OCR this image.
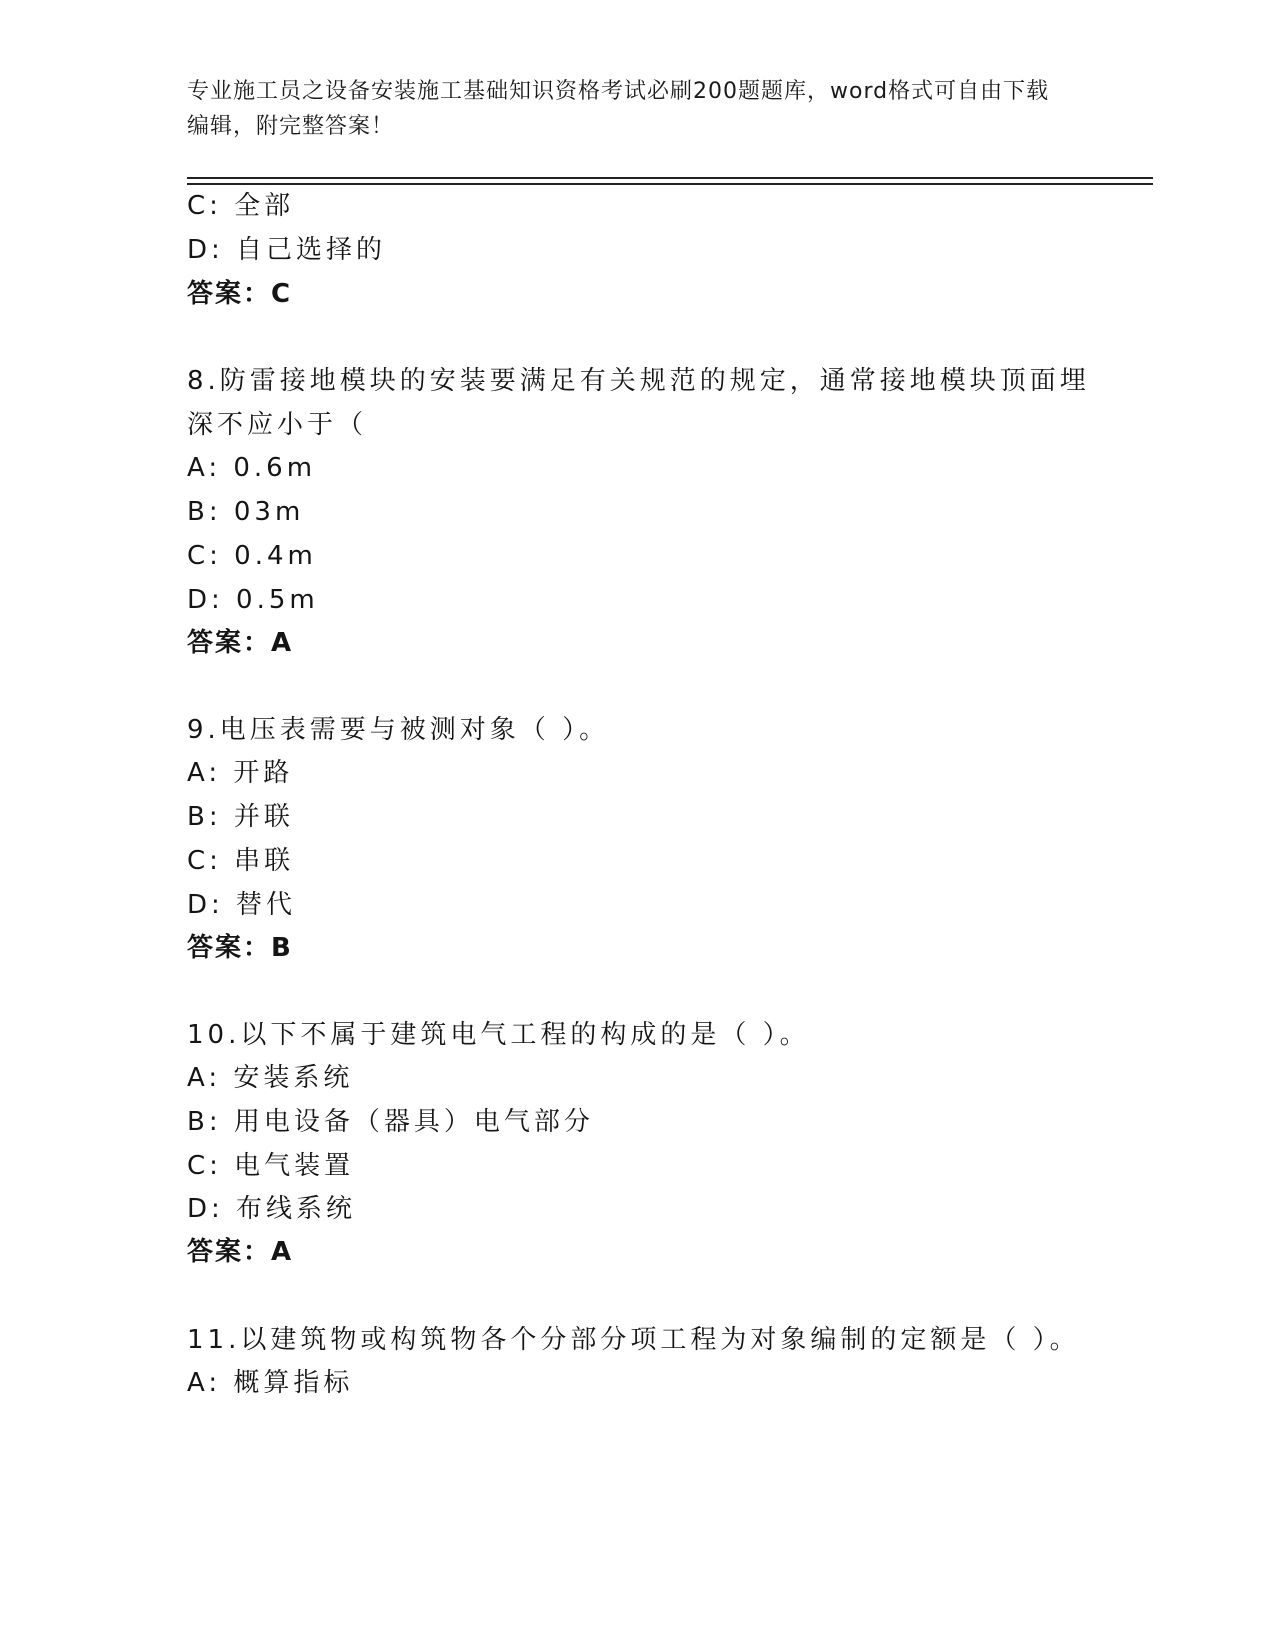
专业施工员之设备安装施工基础知识资格考试必刷200题题库，word格式可自由下载编辑，附完整答案！
C: 全部
D: 自己选择的
答案：C
8.防雷接地模块的安装要满足有关规范的规定，通常接地模块顶面埋
深不应小于（
A: 0.6m
B: 03m
C: 0.4m
D: 0.5m
答案：A
9.电压表需要与被测对象（ ）。
A: 开路
B: 并联
C: 串联
D: 替代
答案：B
10.以下不属于建筑电气工程的构成的是（ ）。
A: 安装系统
B: 用电设备（器具）电气部分
C: 电气装置
D: 布线系统
答案：A
11.以建筑物或构筑物各个分部分项工程为对象编制的定额是（ ）。
A: 概算指标
